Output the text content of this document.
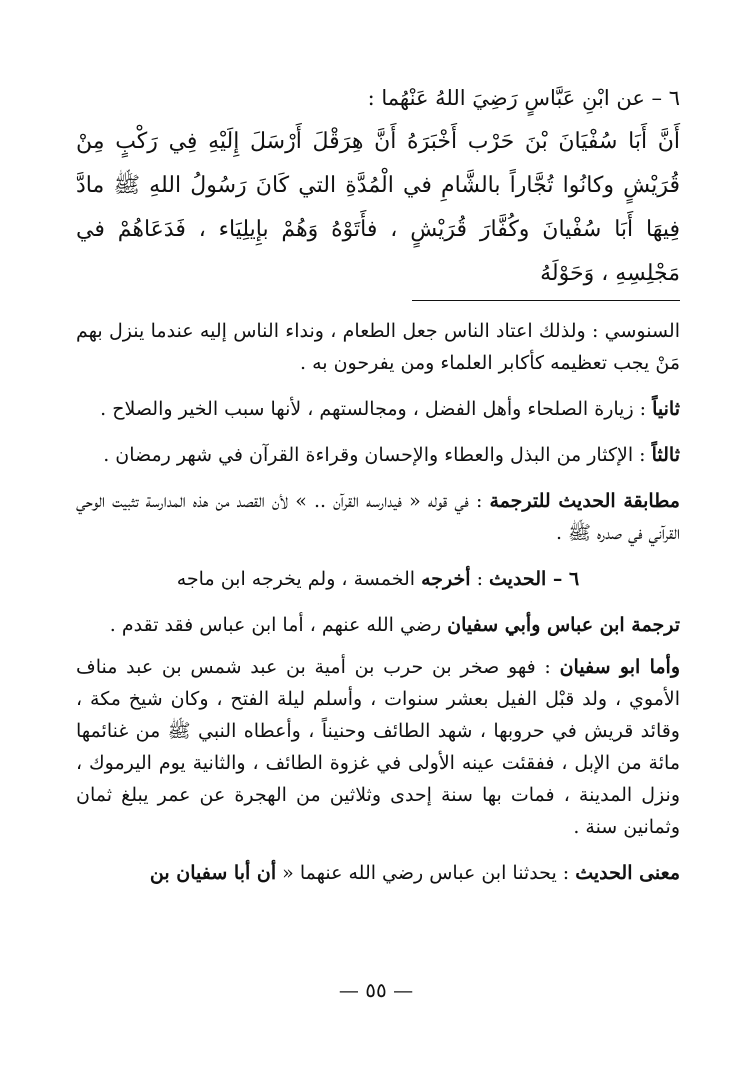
٦ – عن ابْنِ عَبَّاسٍ رَضِيَ اللهُ عَنْهُما :

أَنَّ أَبَا سُفْيَانَ بْنَ حَرْب أَخْبَرَهُ أَنَّ هِرَقْلَ أَرْسَلَ إِلَيْهِ فِي رَكْبٍ مِنْ قُرَيْشٍ وكانُوا تُجَّاراً بالشَّامِ في الْمُدَّةِ التي كَانَ رَسُولُ اللهِ ﷺ مادَّ فِيهَا أَبَا سُفْيانَ وكُفَّارَ قُرَيْشٍ ، فأَتَوْهُ وَهُمْ بإِيلِيَاء ، فَدَعَاهُمْ في مَجْلِسِهِ ، وَحَوْلَهُ

السنوسي : ولذلك اعتاد الناس جعل الطعام ، ونداء الناس إليه عندما ينزل بهم مَنْ يجب تعظيمه كأكابر العلماء ومن يفرحون به .

ثانياً : زيارة الصلحاء وأهل الفضل ، ومجالستهم ، لأنها سبب الخير والصلاح .

ثالثاً : الإكثار من البذل والعطاء والإحسان وقراءة القرآن في شهر رمضان .

مطابقة الحديث للترجمة : في قوله « فيدارسه القرآن .. » لأن القصد من هذه المدارسة تثبيت الوحي القرآني في صدره ﷺ .

٦ – الحديث : أخرجه الخمسة ، ولم يخرجه ابن ماجه

ترجمة ابن عباس وأبي سفيان رضي الله عنهم ، أما ابن عباس فقد تقدم .

وأما ابو سفيان : فهو صخر بن حرب بن أمية بن عبد شمس بن عبد مناف الأموي ، ولد قبْل الفيل بعشر سنوات ، وأسلم ليلة الفتح ، وكان شيخ مكة ، وقائد قريش في حروبها ، شهد الطائف وحنيناً ، وأعطاه النبي ﷺ من غنائمها مائة من الإبل ، ففقئت عينه الأولى في غزوة الطائف ، والثانية يوم اليرموك ، ونزل المدينة ، فمات بها سنة إحدى وثلاثين من الهجرة عن عمر يبلغ ثمان وثمانين سنة .

معنى الحديث : يحدثنا ابن عباس رضي الله عنهما « أن أبا سفيان بن

— ٥٥ —
